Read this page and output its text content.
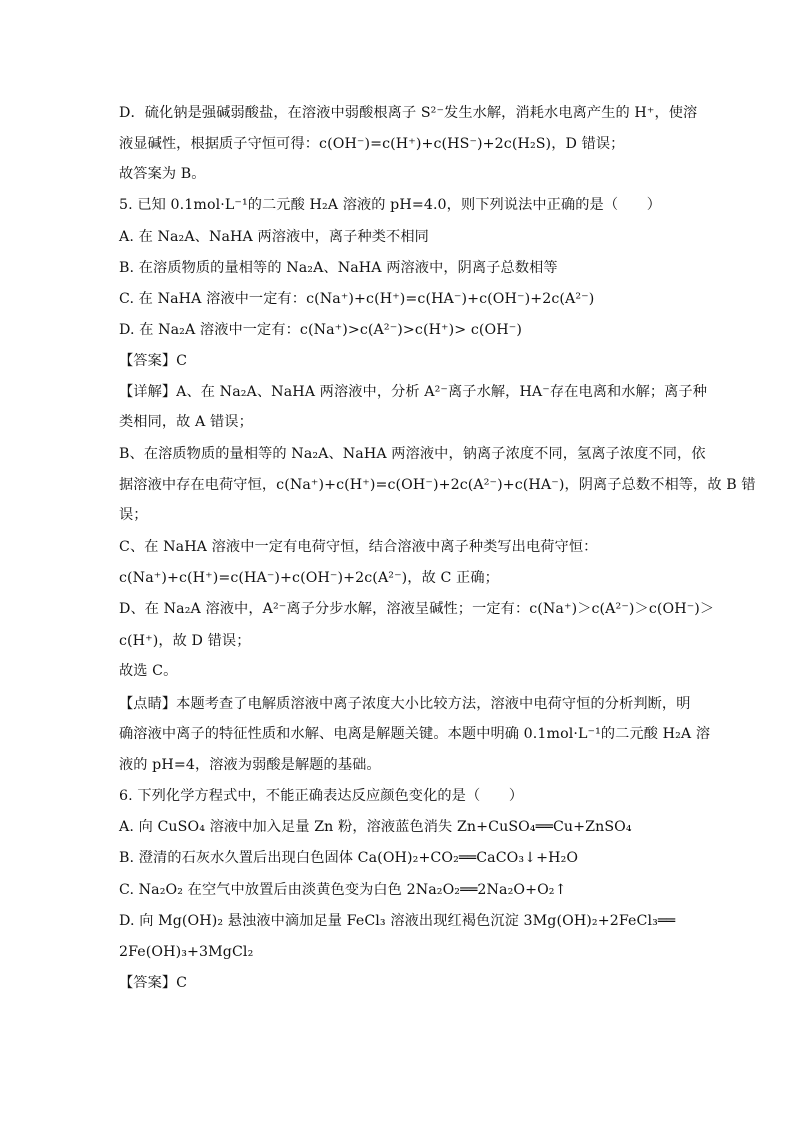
D．硫化钠是强碱弱酸盐，在溶液中弱酸根离子 S²⁻发生水解，消耗水电离产生的 H⁺，使溶
液显碱性，根据质子守恒可得：c(OH⁻)=c(H⁺)+c(HS⁻)+2c(H₂S)，D 错误；
故答案为 B。
5. 已知 0.1mol·L⁻¹的二元酸 H₂A 溶液的 pH=4.0，则下列说法中正确的是（　　）
A. 在 Na₂A、NaHA 两溶液中，离子种类不相同
B. 在溶质物质的量相等的 Na₂A、NaHA 两溶液中，阴离子总数相等
C. 在 NaHA 溶液中一定有：c(Na⁺)+c(H⁺)=c(HA⁻)+c(OH⁻)+2c(A²⁻)
D. 在 Na₂A 溶液中一定有：c(Na⁺)>c(A²⁻)>c(H⁺)> c(OH⁻)
【答案】C
【详解】A、在 Na₂A、NaHA 两溶液中，分析 A²⁻离子水解，HA⁻存在电离和水解；离子种
类相同，故 A 错误；
B、在溶质物质的量相等的 Na₂A、NaHA 两溶液中，钠离子浓度不同，氢离子浓度不同，依
据溶液中存在电荷守恒，c(Na⁺)+c(H⁺)=c(OH⁻)+2c(A²⁻)+c(HA⁻)，阴离子总数不相等，故 B 错
误；
C、在 NaHA 溶液中一定有电荷守恒，结合溶液中离子种类写出电荷守恒：
c(Na⁺)+c(H⁺)=c(HA⁻)+c(OH⁻)+2c(A²⁻)，故 C 正确；
D、在 Na₂A 溶液中，A²⁻离子分步水解，溶液呈碱性；一定有：c(Na⁺)＞c(A²⁻)＞c(OH⁻)＞
c(H⁺)，故 D 错误；
故选 C。
【点睛】本题考查了电解质溶液中离子浓度大小比较方法，溶液中电荷守恒的分析判断，明
确溶液中离子的特征性质和水解、电离是解题关键。本题中明确 0.1mol·L⁻¹的二元酸 H₂A 溶
液的 pH=4，溶液为弱酸是解题的基础。
6. 下列化学方程式中，不能正确表达反应颜色变化的是（　　）
A. 向 CuSO₄ 溶液中加入足量 Zn 粉，溶液蓝色消失 Zn+CuSO₄══Cu+ZnSO₄
B. 澄清的石灰水久置后出现白色固体 Ca(OH)₂+CO₂══CaCO₃↓+H₂O
C. Na₂O₂ 在空气中放置后由淡黄色变为白色 2Na₂O₂══2Na₂O+O₂↑
D. 向 Mg(OH)₂ 悬浊液中滴加足量 FeCl₃ 溶液出现红褐色沉淀 3Mg(OH)₂+2FeCl₃══
2Fe(OH)₃+3MgCl₂
【答案】C
